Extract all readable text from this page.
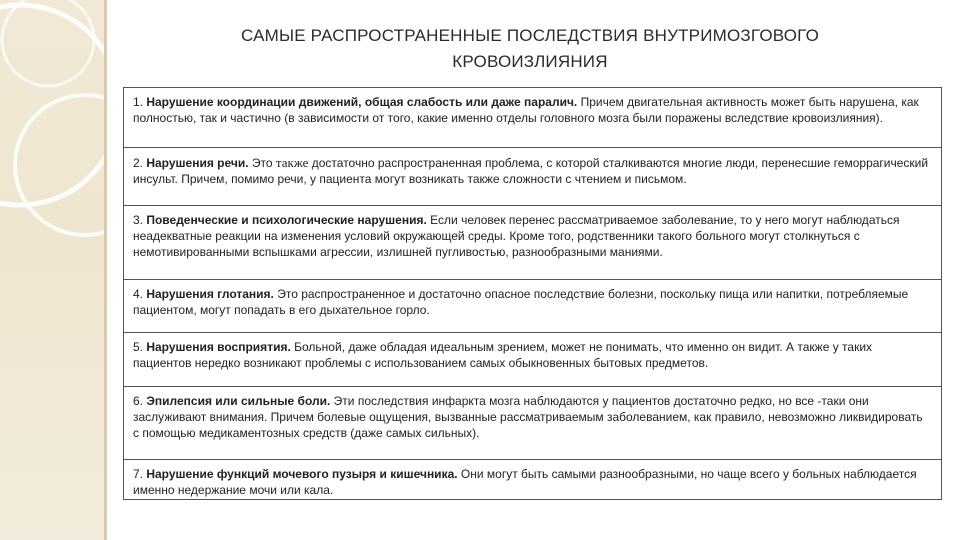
САМЫЕ РАСПРОСТРАНЕННЫЕ ПОСЛЕДСТВИЯ ВНУТРИМОЗГОВОГО
КРОВОИЗЛИЯНИЯ
1. Нарушение координации движений, общая слабость или даже паралич. Причем двигательная активность может быть нарушена, как полностью, так и частично (в зависимости от того, какие именно отделы головного мозга были поражены вследствие кровоизлияния).
2. Нарушения речи. Это также достаточно распространенная проблема, с которой сталкиваются многие люди, перенесшие геморрагический инсульт. Причем, помимо речи, у пациента могут возникать также сложности с чтением и письмом.
3. Поведенческие и психологические нарушения. Если человек перенес рассматриваемое заболевание, то у него могут наблюдаться неадекватные реакции на изменения условий окружающей среды. Кроме того, родственники такого больного могут столкнуться с немотивированными вспышками агрессии, излишней пугливостью, разнообразными маниями.
4. Нарушения глотания. Это распространенное и достаточно опасное последствие болезни, поскольку пища или напитки, потребляемые пациентом, могут попадать в его дыхательное горло.
5. Нарушения восприятия. Больной, даже обладая идеальным зрением, может не понимать, что именно он видит. А также у таких пациентов нередко возникают проблемы с использованием самых обыкновенных бытовых предметов.
6. Эпилепсия или сильные боли. Эти последствия инфаркта мозга наблюдаются у пациентов достаточно редко, но все -таки они заслуживают внимания. Причем болевые ощущения, вызванные рассматриваемым заболеванием, как правило, невозможно ликвидировать с помощью медикаментозных средств (даже самых сильных).
7. Нарушение функций мочевого пузыря и кишечника. Они могут быть самыми разнообразными, но чаще всего у больных наблюдается именно недержание мочи или кала.
